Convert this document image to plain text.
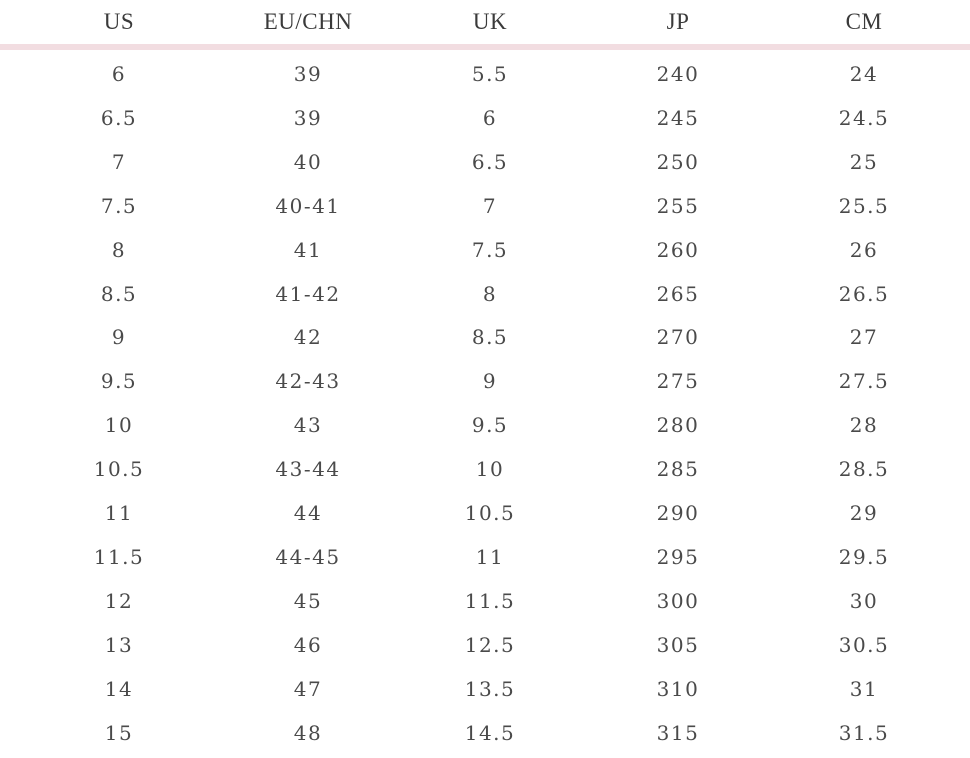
US	EU/CHN	UK	JP	CM
6	39	5.5	240	24
6.5	39	6	245	24.5
7	40	6.5	250	25
7.5	40-41	7	255	25.5
8	41	7.5	260	26
8.5	41-42	8	265	26.5
9	42	8.5	270	27
9.5	42-43	9	275	27.5
10	43	9.5	280	28
10.5	43-44	10	285	28.5
11	44	10.5	290	29
11.5	44-45	11	295	29.5
12	45	11.5	300	30
13	46	12.5	305	30.5
14	47	13.5	310	31
15	48	14.5	315	31.5
